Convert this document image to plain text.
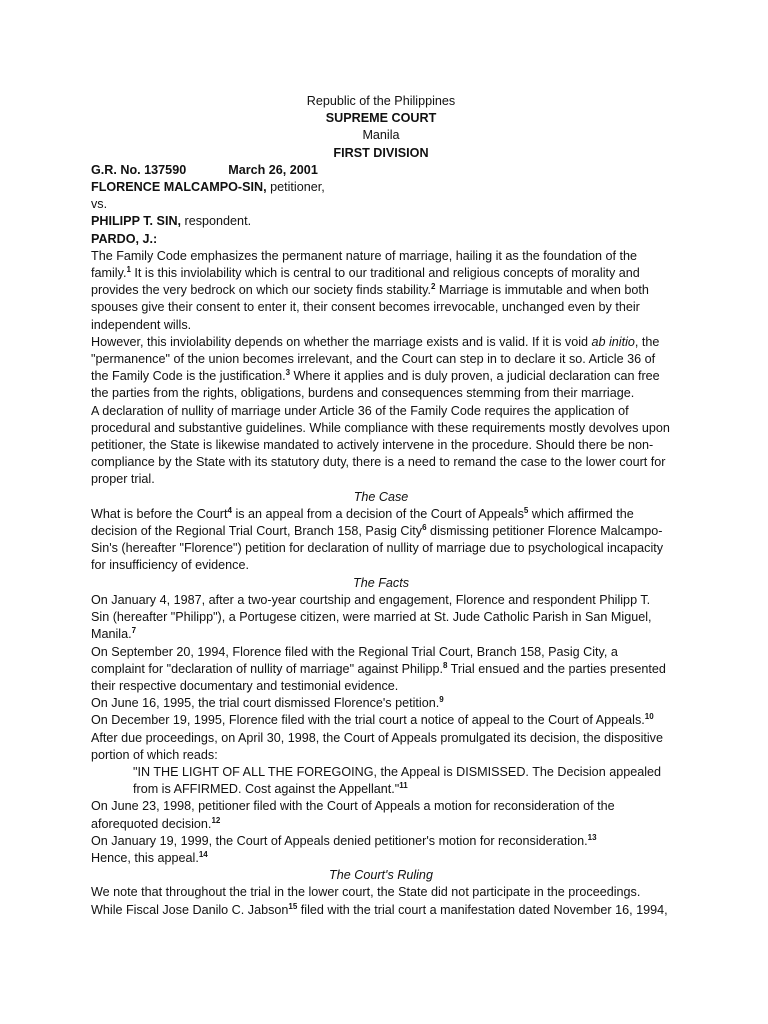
Republic of the Philippines
SUPREME COURT
Manila
FIRST DIVISION
G.R. No. 137590	March 26, 2001
FLORENCE MALCAMPO-SIN, petitioner,
vs.
PHILIPP T. SIN, respondent.
PARDO, J.:

The Family Code emphasizes the permanent nature of marriage, hailing it as the foundation of the family.$^1$ It is this inviolability which is central to our traditional and religious concepts of morality and provides the very bedrock on which our society finds stability.$^2$ Marriage is immutable and when both spouses give their consent to enter it, their consent becomes irrevocable, unchanged even by their independent wills.

However, this inviolability depends on whether the marriage exists and is valid. If it is void ab initio, the "permanence" of the union becomes irrelevant, and the Court can step in to declare it so. Article 36 of the Family Code is the justification.$^3$ Where it applies and is duly proven, a judicial declaration can free the parties from the rights, obligations, burdens and consequences stemming from their marriage.

A declaration of nullity of marriage under Article 36 of the Family Code requires the application of procedural and substantive guidelines. While compliance with these requirements mostly devolves upon petitioner, the State is likewise mandated to actively intervene in the procedure. Should there be non-compliance by the State with its statutory duty, there is a need to remand the case to the lower court for proper trial.

The Case

What is before the Court$^4$ is an appeal from a decision of the Court of Appeals$^5$ which affirmed the decision of the Regional Trial Court, Branch 158, Pasig City$^6$ dismissing petitioner Florence Malcampo-Sin's (hereafter "Florence") petition for declaration of nullity of marriage due to psychological incapacity for insufficiency of evidence.

The Facts

On January 4, 1987, after a two-year courtship and engagement, Florence and respondent Philipp T. Sin (hereafter "Philipp"), a Portugese citizen, were married at St. Jude Catholic Parish in San Miguel, Manila.$^7$

On September 20, 1994, Florence filed with the Regional Trial Court, Branch 158, Pasig City, a complaint for "declaration of nullity of marriage" against Philipp.$^8$ Trial ensued and the parties presented their respective documentary and testimonial evidence.

On June 16, 1995, the trial court dismissed Florence's petition.$^9$

On December 19, 1995, Florence filed with the trial court a notice of appeal to the Court of Appeals.$^{10}$

After due proceedings, on April 30, 1998, the Court of Appeals promulgated its decision, the dispositive portion of which reads:

"IN THE LIGHT OF ALL THE FOREGOING, the Appeal is DISMISSED. The Decision appealed from is AFFIRMED. Cost against the Appellant."$^{11}$

On June 23, 1998, petitioner filed with the Court of Appeals a motion for reconsideration of the aforequoted decision.$^{12}$

On January 19, 1999, the Court of Appeals denied petitioner's motion for reconsideration.$^{13}$

Hence, this appeal.$^{14}$

The Court's Ruling

We note that throughout the trial in the lower court, the State did not participate in the proceedings.

While Fiscal Jose Danilo C. Jabson$^{15}$ filed with the trial court a manifestation dated November 16, 1994,
